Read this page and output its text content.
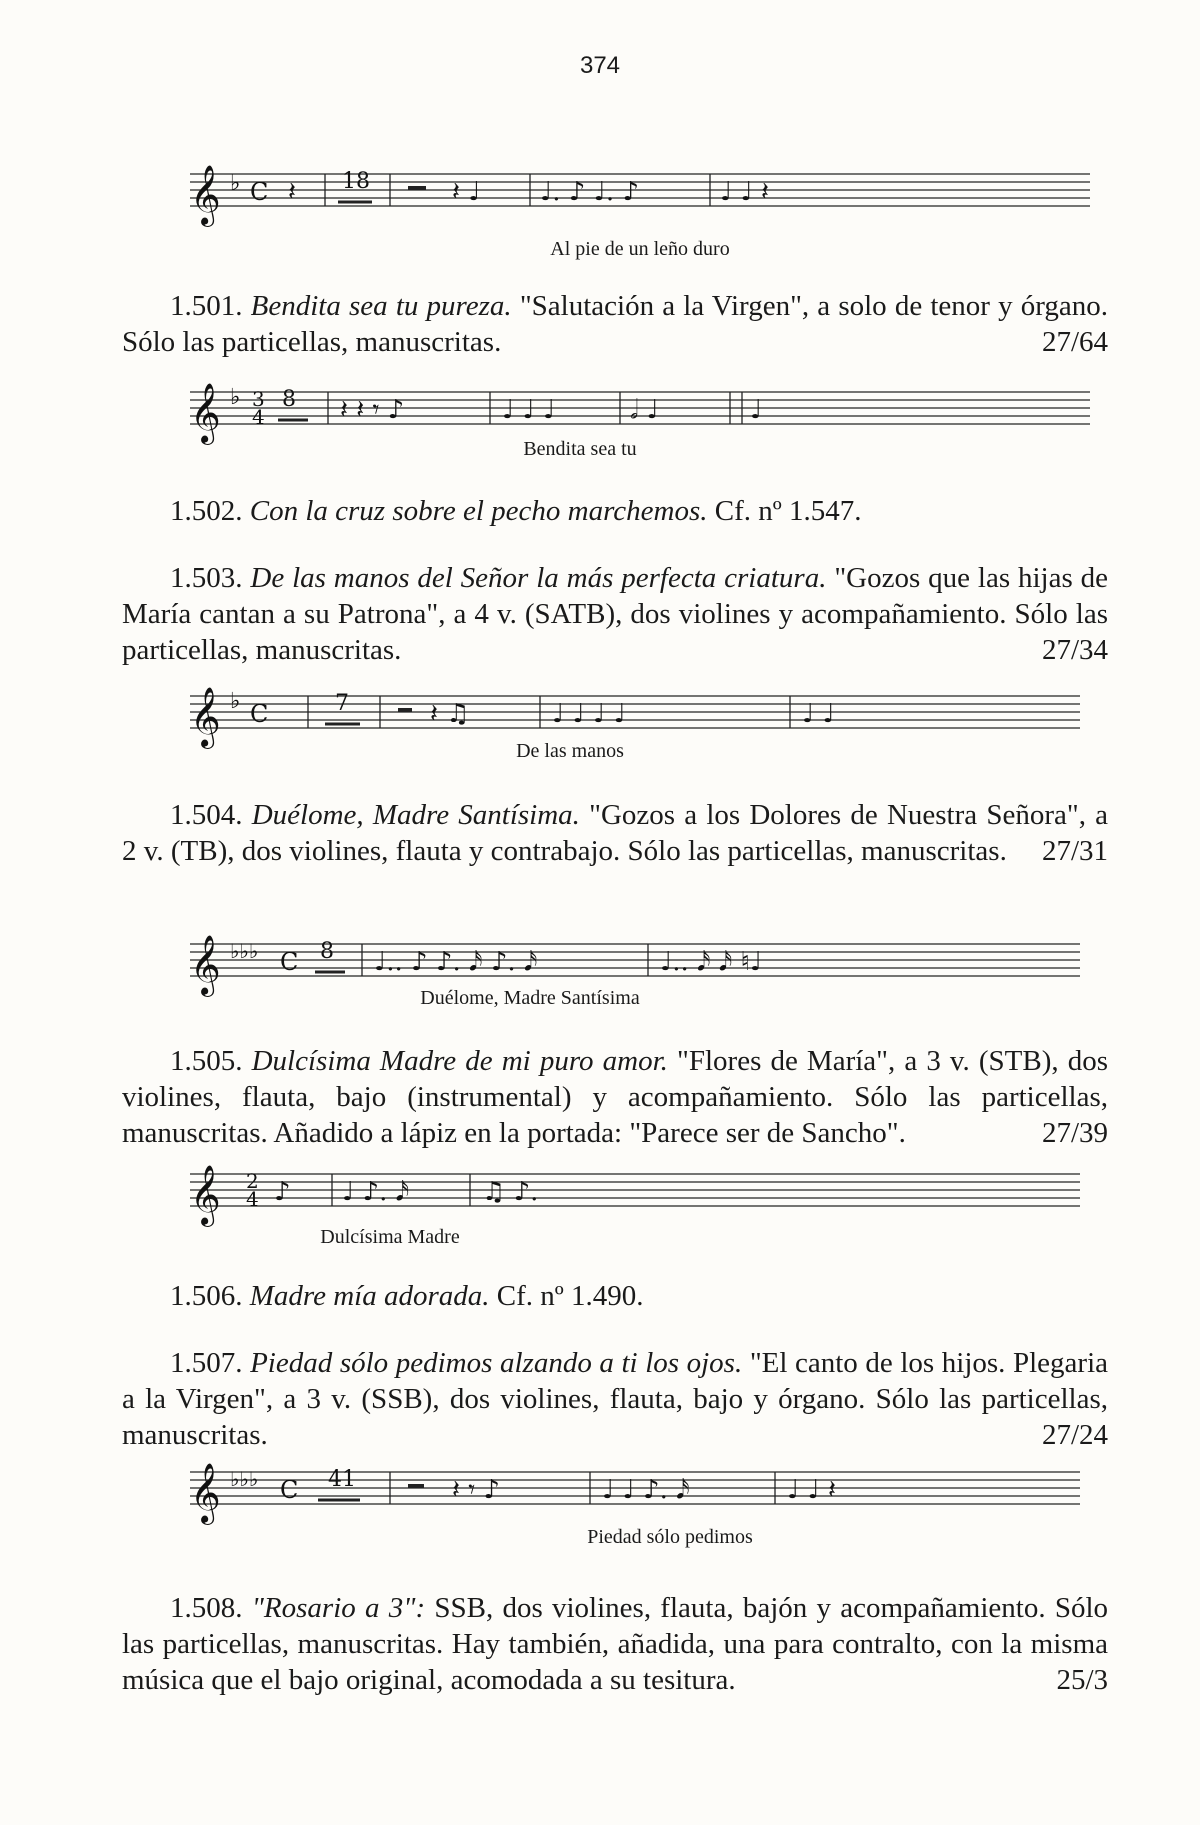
374
𝄞 ♭ C 𝄽 18	𝄽 ♩ ♩. ♪ ♩. ♪	♩ ♩ 𝄽
Al pie de un leño duro
1.501. Bendita sea tu pureza. "Salutación a la Virgen", a solo de tenor y órgano. Sólo las particellas, manuscritas.	27/64
𝄞 ♭ 3
4
8 𝄽 𝄽 𝄾 ♪	♩ ♩ ♩	𝅗𝅥 ♩	♩
Bendita sea tu
1.502. Con la cruz sobre el pecho marchemos. Cf. nº 1.547.
1.503. De las manos del Señor la más perfecta criatura. "Gozos que las hijas de María cantan a su Patrona", a 4 v. (SATB), dos violines y acompañamiento. Sólo las particellas, manuscritas.	27/34
𝄞 ♭ C	7	𝄽 ♫	♩ ♩ ♩ ♩	♩ ♩
De las manos
1.504. Duélome, Madre Santísima. "Gozos a los Dolores de Nuestra Señora", a 2 v. (TB), dos violines, flauta y contrabajo. Sólo las particellas, manuscritas. 27/31
𝄞 ♭♭♭ C 8 ♩.. ♪ ♪. 𝅘𝅥𝅯 ♪. 𝅘𝅥𝅯	♩.. 𝅘𝅥𝅯 𝅘𝅥𝅯 ♮♩
Duélome, Madre Santísima
1.505. Dulcísima Madre de mi puro amor. "Flores de María", a 3 v. (STB), dos violines, flauta, bajo (instrumental) y acompañamiento. Sólo las particellas, manuscritas. Añadido a lápiz en la portada: "Parece ser de Sancho".	27/39
𝄞 2
4 ♪ ♩ ♪. 𝅘𝅥𝅯	♫ ♪.
Dulcísima Madre
1.506. Madre mía adorada. Cf. nº 1.490.
1.507. Piedad sólo pedimos alzando a ti los ojos. "El canto de los hijos. Plegaria a la Virgen", a 3 v. (SSB), dos violines, flauta, bajo y órgano. Sólo las particellas, manuscritas.	27/24
𝄞 ♭♭♭ C 41	𝄽 𝄾 ♪	♩ ♩ ♪. 𝅘𝅥𝅯	♩ ♩ 𝄽
Piedad sólo pedimos
1.508. "Rosario a 3": SSB, dos violines, flauta, bajón y acompañamiento. Sólo las particellas, manuscritas. Hay también, añadida, una para contralto, con la misma música que el bajo original, acomodada a su tesitura.	25/3
